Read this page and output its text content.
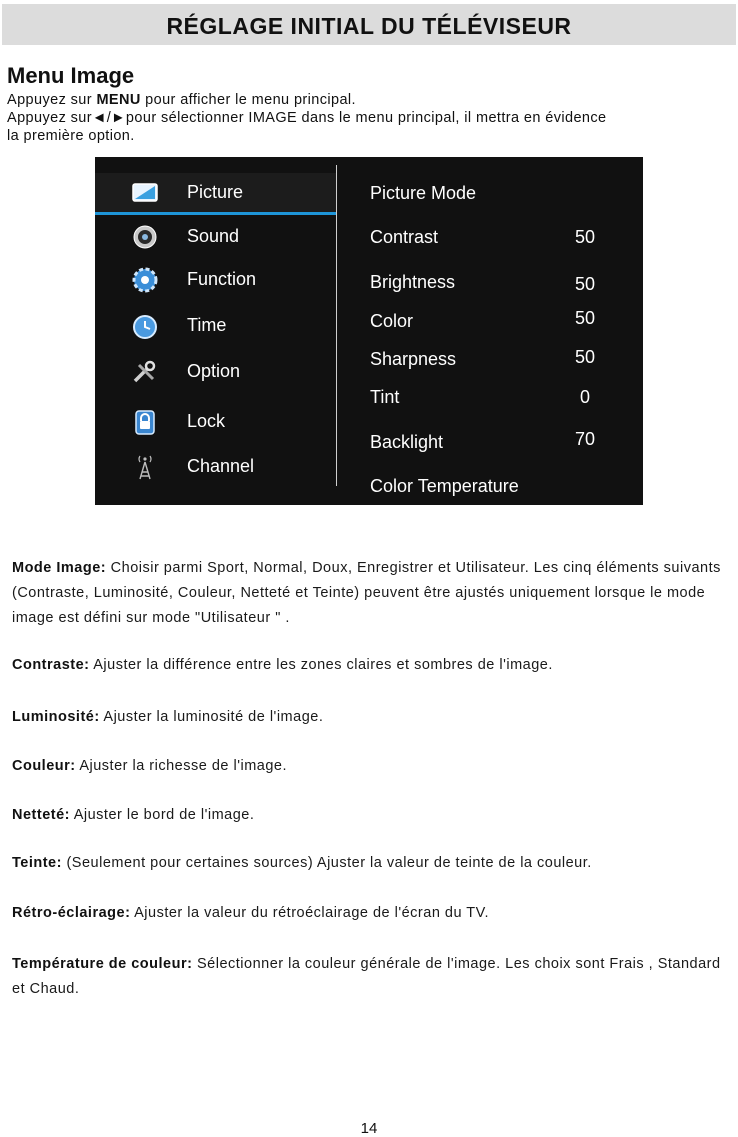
RÉGLAGE INITIAL DU TÉLÉVISEUR
Menu Image
Appuyez sur MENU pour afficher le menu principal.
Appuyez sur◄/►pour sélectionner IMAGE dans le menu principal, il mettra en évidence
la première option.
Picture
Sound
Function
Time
Option
Lock
Channel
Picture Mode
Contrast	50
Brightness	50
Color	50
Sharpness	50
Tint	0
Backlight	70
Color Temperature
Mode Image: Choisir parmi Sport, Normal, Doux, Enregistrer et Utilisateur. Les cinq éléments suivants (Contraste, Luminosité, Couleur, Netteté et Teinte) peuvent être ajustés uniquement lorsque le mode image est défini sur mode "Utilisateur " .
Contraste: Ajuster la différence entre les zones claires et sombres de l'image.
Luminosité: Ajuster la luminosité de l'image.
Couleur: Ajuster la richesse de l'image.
Netteté: Ajuster le bord de l'image.
Teinte: (Seulement pour certaines sources) Ajuster la valeur de teinte de la couleur.
Rétro-éclairage: Ajuster la valeur du rétroéclairage de l'écran du TV.
Température de couleur: Sélectionner la couleur générale de l'image. Les choix sont Frais , Standard et Chaud.
14
